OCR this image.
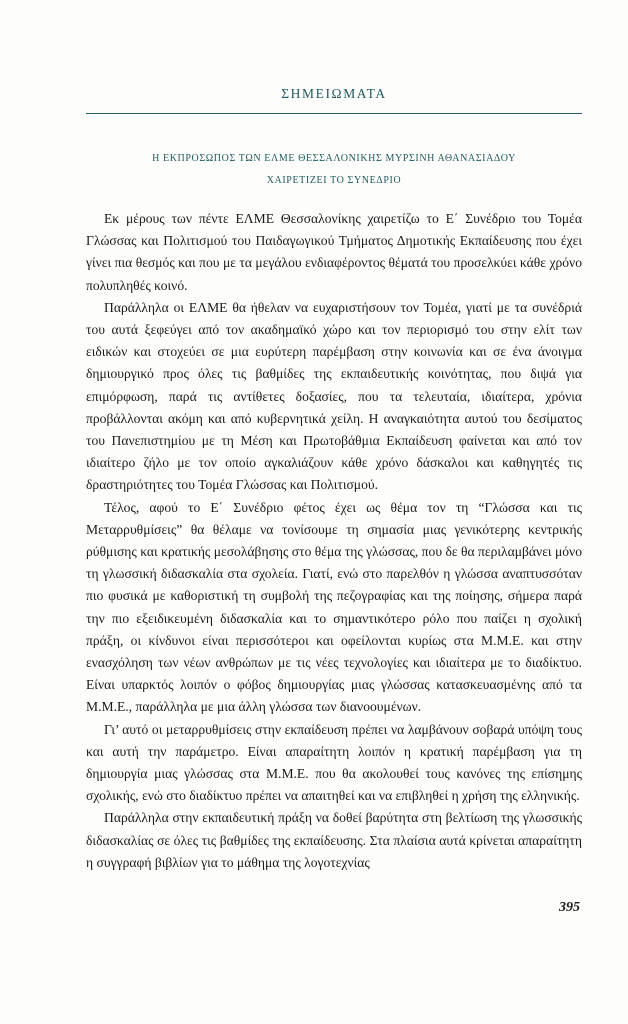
ΣΗΜΕΙΩΜΑΤΑ
Η ΕΚΠΡΟΣΩΠΟΣ ΤΩΝ ΕΛΜΕ ΘΕΣΣΑΛΟΝΙΚΗΣ ΜΥΡΣΙΝΗ ΑΘΑΝΑΣΙΑΔΟΥ
ΧΑΙΡΕΤΙΖΕΙ ΤΟ ΣΥΝΕΔΡΙΟ

Εκ μέρους των πέντε ΕΛΜΕ Θεσσαλονίκης χαιρετίζω το Ε΄ Συνέδριο του Τομέα Γλώσσας και Πολιτισμού του Παιδαγωγικού Τμήματος Δημοτικής Εκπαίδευσης που έχει γίνει πια θεσμός και που με τα μεγάλου ενδιαφέροντος θέματά του προσελκύει κάθε χρόνο πολυπληθές κοινό.

Παράλληλα οι ΕΛΜΕ θα ήθελαν να ευχαριστήσουν τον Τομέα, γιατί με τα συνέδριά του αυτά ξεφεύγει από τον ακαδημαϊκό χώρο και τον περιορισμό του στην ελίτ των ειδικών και στοχεύει σε μια ευρύτερη παρέμβαση στην κοινωνία και σε ένα άνοιγμα δημιουργικό προς όλες τις βαθμίδες της εκπαιδευτικής κοινότητας, που διψά για επιμόρφωση, παρά τις αντίθετες δοξασίες, που τα τελευταία, ιδιαίτερα, χρόνια προβάλλονται ακόμη και από κυβερνητικά χείλη. Η αναγκαιότητα αυτού του δεσίματος του Πανεπιστημίου με τη Μέση και Πρωτοβάθμια Εκπαίδευση φαίνεται και από τον ιδιαίτερο ζήλο με τον οποίο αγκαλιάζουν κάθε χρόνο δάσκαλοι και καθηγητές τις δραστηριότητες του Τομέα Γλώσσας και Πολιτισμού.

Τέλος, αφού το Ε΄ Συνέδριο φέτος έχει ως θέμα τον τη “Γλώσσα και τις Μεταρρυθμίσεις” θα θέλαμε να τονίσουμε τη σημασία μιας γενικότερης κεντρικής ρύθμισης και κρατικής μεσολάβησης στο θέμα της γλώσσας, που δε θα περιλαμβάνει μόνο τη γλωσσική διδασκαλία στα σχολεία. Γιατί, ενώ στο παρελθόν η γλώσσα αναπτυσσόταν πιο φυσικά με καθοριστική τη συμβολή της πεζογραφίας και της ποίησης, σήμερα παρά την πιο εξειδικευμένη διδασκαλία και το σημαντικότερο ρόλο που παίζει η σχολική πράξη, οι κίνδυνοι είναι περισσότεροι και οφείλονται κυρίως στα Μ.Μ.Ε. και στην ενασχόληση των νέων ανθρώπων με τις νέες τεχνολογίες και ιδιαίτερα με το διαδίκτυο. Είναι υπαρκτός λοιπόν ο φόβος δημιουργίας μιας γλώσσας κατασκευασμένης από τα Μ.Μ.Ε., παράλληλα με μια άλλη γλώσσα των διανοουμένων.

Γι’ αυτό οι μεταρρυθμίσεις στην εκπαίδευση πρέπει να λαμβάνουν σοβαρά υπόψη τους και αυτή την παράμετρο. Είναι απαραίτητη λοιπόν η κρατική παρέμβαση για τη δημιουργία μιας γλώσσας στα Μ.Μ.Ε. που θα ακολουθεί τους κανόνες της επίσημης σχολικής, ενώ στο διαδίκτυο πρέπει να απαιτηθεί και να επιβληθεί η χρήση της ελληνικής.

Παράλληλα στην εκπαιδευτική πράξη να δοθεί βαρύτητα στη βελτίωση της γλωσσικής διδασκαλίας σε όλες τις βαθμίδες της εκπαίδευσης. Στα πλαίσια αυτά κρίνεται απαραίτητη η συγγραφή βιβλίων για το μάθημα της λογοτεχνίας

395
